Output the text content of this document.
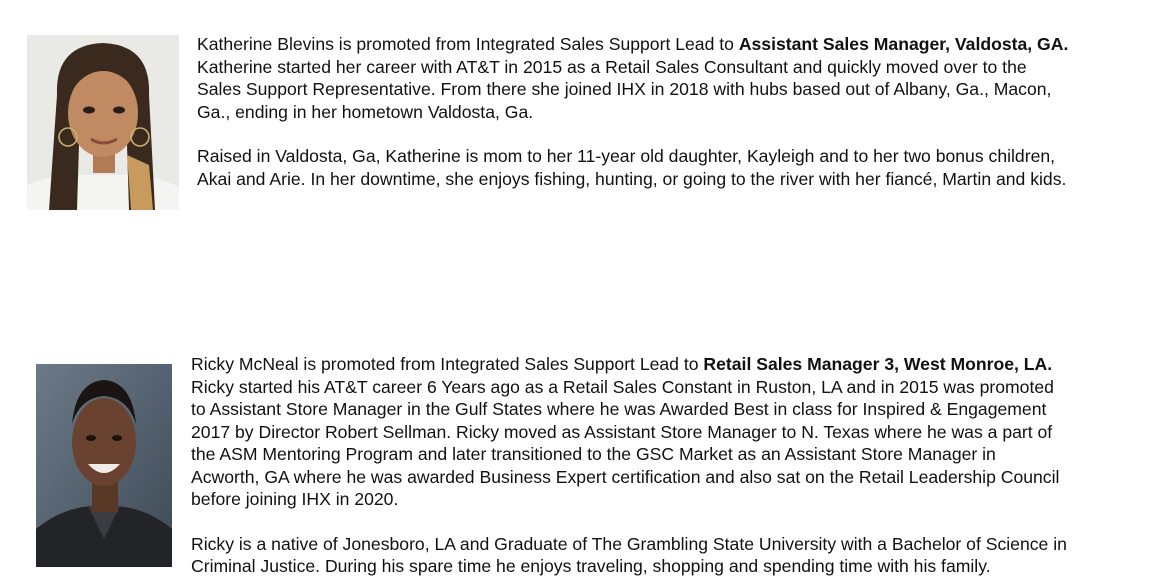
Katherine Blevins is promoted from Integrated Sales Support Lead to Assistant Sales Manager, Valdosta, GA.

Katherine started her career with AT&T in 2015 as a Retail Sales Consultant and quickly moved over to the

Sales Support Representative. From there she joined IHX in 2018 with hubs based out of Albany, Ga., Macon,

Ga., ending in her hometown Valdosta, Ga.

Raised in Valdosta, Ga, Katherine is mom to her 11-year old daughter, Kayleigh and to her two bonus children,

Akai and Arie. In her downtime, she enjoys fishing, hunting, or going to the river with her fiancé, Martin and kids.

Ricky McNeal is promoted from Integrated Sales Support Lead to Retail Sales Manager 3, West Monroe, LA.

Ricky started his AT&T career 6 Years ago as a Retail Sales Constant in Ruston, LA and in 2015 was promoted

to Assistant Store Manager in the Gulf States where he was Awarded Best in class for Inspired & Engagement

2017 by Director Robert Sellman. Ricky moved as Assistant Store Manager to N. Texas where he was a part of

the ASM Mentoring Program and later transitioned to the GSC Market as an Assistant Store Manager in

Acworth, GA where he was awarded Business Expert certification and also sat on the Retail Leadership Council

before joining IHX in 2020.

Ricky is a native of Jonesboro, LA and Graduate of The Grambling State University with a Bachelor of Science in

Criminal Justice. During his spare time he enjoys traveling, shopping and spending time with his family.
